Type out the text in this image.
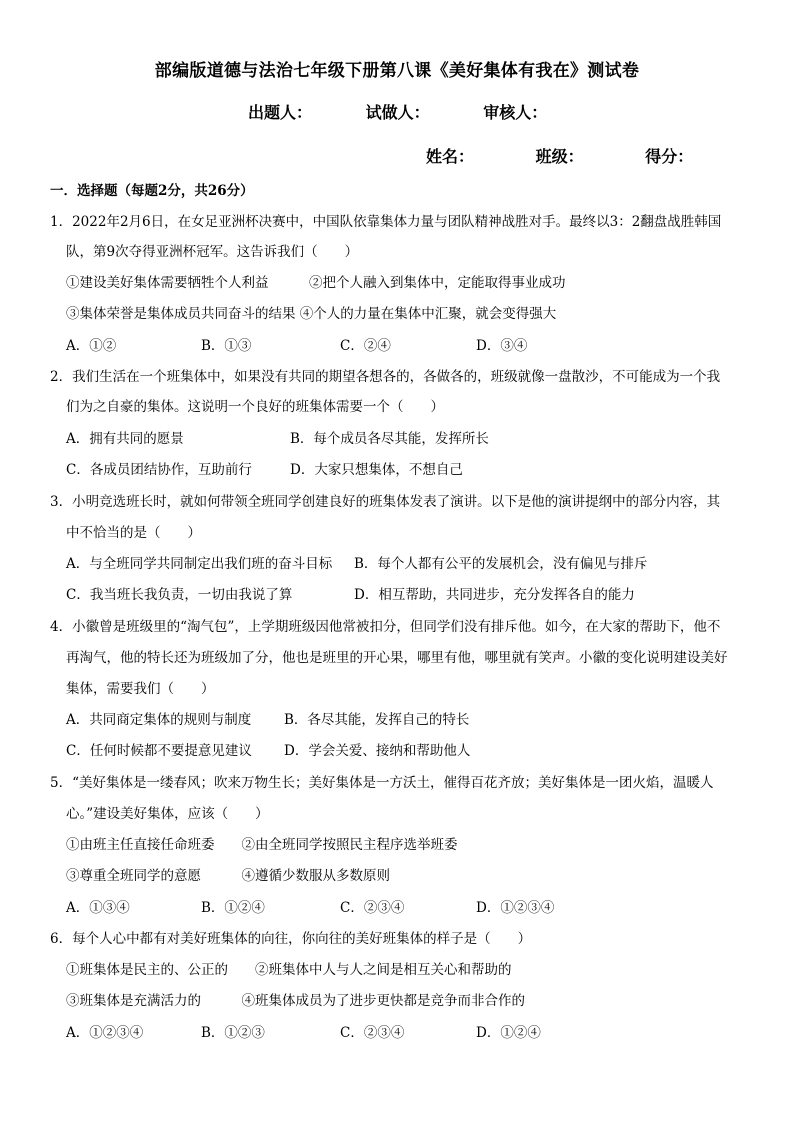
部编版道德与法治七年级下册第八课《美好集体有我在》测试卷
出题人：	试做人：	审核人：
姓名：	班级：	得分：
一．选择题（每题2分，共26分）
1．2022年2月6日，在女足亚洲杯决赛中，中国队依靠集体力量与团队精神战胜对手。最终以3：2翻盘战胜韩国
队，第9次夺得亚洲杯冠军。这告诉我们（　　）
①建设美好集体需要牺牲个人利益　　　②把个人融入到集体中，定能取得事业成功
③集体荣誉是集体成员共同奋斗的结果 ④个人的力量在集体中汇聚，就会变得强大
A．①②	B．①③	C．②④	D．③④
2．我们生活在一个班集体中，如果没有共同的期望各想各的，各做各的，班级就像一盘散沙，不可能成为一个我
们为之自豪的集体。这说明一个良好的班集体需要一个（　　）
A．拥有共同的愿景	B．每个成员各尽其能，发挥所长
C．各成员团结协作，互助前行	D．大家只想集体，不想自己
3．小明竞选班长时，就如何带领全班同学创建良好的班集体发表了演讲。以下是他的演讲提纲中的部分内容，其
中不恰当的是（　　）
A．与全班同学共同制定出我们班的奋斗目标 B．每个人都有公平的发展机会，没有偏见与排斥
C．我当班长我负责，一切由我说了算	D．相互帮助，共同进步，充分发挥各自的能力
4．小徽曾是班级里的“淘气包”，上学期班级因他常被扣分，但同学们没有排斥他。如今，在大家的帮助下，他不
再淘气，他的特长还为班级加了分，他也是班里的开心果，哪里有他，哪里就有笑声。小徽的变化说明建设美好
集体，需要我们（　　）
A．共同商定集体的规则与制度 B．各尽其能，发挥自己的特长
C．任何时候都不要提意见建议 D．学会关爱、接纳和帮助他人
5．“美好集体是一缕春风；吹来万物生长；美好集体是一方沃土，催得百花齐放；美好集体是一团火焰，温暖人
心。”建设美好集体，应该（　　）
①由班主任直接任命班委　　②由全班同学按照民主程序选举班委
③尊重全班同学的意愿　　　④遵循少数服从多数原则
A．①③④	B．①②④	C．②③④	D．①②③④
6．每个人心中都有对美好班集体的向往，你向往的美好班集体的样子是（　　）
①班集体是民主的、公正的　　②班集体中人与人之间是相互关心和帮助的
③班集体是充满活力的　　　④班集体成员为了进步更快都是竞争而非合作的
A．①②③④	B．①②③	C．②③④	D．①②④
